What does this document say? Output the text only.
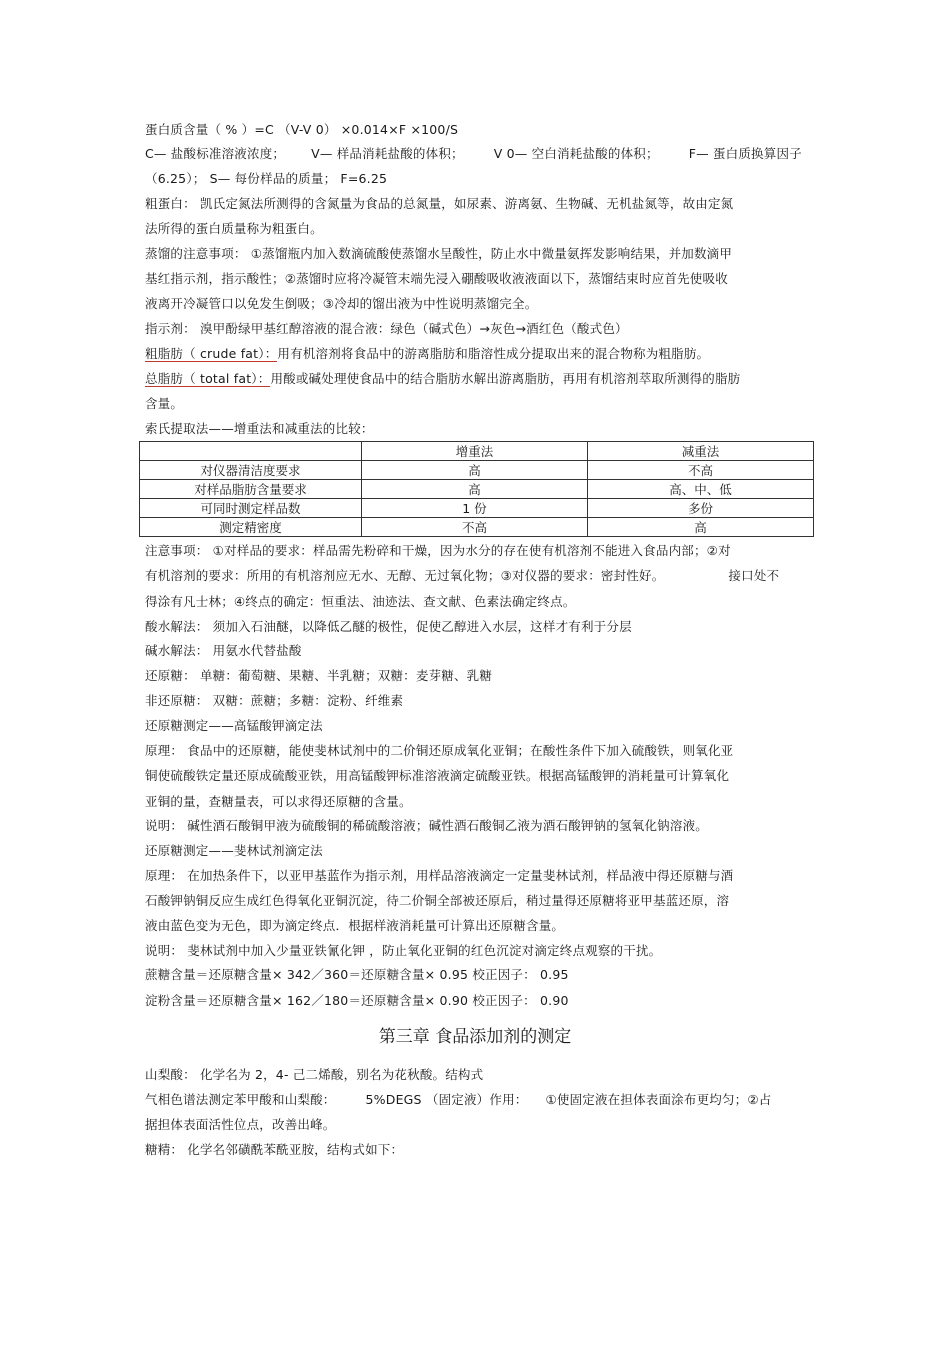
蛋白质含量（ % ）=C （V-V 0） ×0.014×F ×100/S
C— 盐酸标准溶液浓度； V— 样品消耗盐酸的体积； V 0— 空白消耗盐酸的体积； F— 蛋白质换算因子
（6.25）； S— 每份样品的质量； F=6.25
粗蛋白： 凯氏定氮法所测得的含氮量为食品的总氮量，如尿素、游离氨、生物碱、无机盐氮等，故由定氮
法所得的蛋白质量称为粗蛋白。
蒸馏的注意事项： ①蒸馏瓶内加入数滴硫酸使蒸馏水呈酸性，防止水中微量氨挥发影响结果，并加数滴甲
基红指示剂，指示酸性；②蒸馏时应将冷凝管末端先浸入硼酸吸收液液面以下，蒸馏结束时应首先使吸收
液离开冷凝管口以免发生倒吸；③冷却的馏出液为中性说明蒸馏完全。
指示剂： 溴甲酚绿甲基红醇溶液的混合液：绿色（碱式色）→灰色→酒红色（酸式色）
粗脂肪（ crude fat）：用有机溶剂将食品中的游离脂肪和脂溶性成分提取出来的混合物称为粗脂肪。
总脂肪（ total fat）：用酸或碱处理使食品中的结合脂肪水解出游离脂肪，再用有机溶剂萃取所测得的脂肪
含量。
索氏提取法——增重法和减重法的比较：
	增重法	减重法
对仪器清洁度要求	高	不高
对样品脂肪含量要求	高	高、中、低
可同时测定样品数	1 份	多份
测定精密度	不高	高
注意事项： ①对样品的要求：样品需先粉碎和干燥，因为水分的存在使有机溶剂不能进入食品内部；②对
有机溶剂的要求：所用的有机溶剂应无水、无醇、无过氧化物；③对仪器的要求：密封性好。	接口处不
得涂有凡士林；④终点的确定：恒重法、油迹法、查文献、色素法确定终点。
酸水解法： 须加入石油醚，以降低乙醚的极性，促使乙醇进入水层，这样才有利于分层
碱水解法： 用氨水代替盐酸
还原糖： 单糖：葡萄糖、果糖、半乳糖；双糖：麦芽糖、乳糖
非还原糖： 双糖：蔗糖；多糖：淀粉、纤维素
还原糖测定——高锰酸钾滴定法
原理： 食品中的还原糖，能使斐林试剂中的二价铜还原成氧化亚铜；在酸性条件下加入硫酸铁，则氧化亚
铜使硫酸铁定量还原成硫酸亚铁，用高锰酸钾标准溶液滴定硫酸亚铁。根据高锰酸钾的消耗量可计算氧化
亚铜的量，查糖量表，可以求得还原糖的含量。
说明： 碱性酒石酸铜甲液为硫酸铜的稀硫酸溶液；碱性酒石酸铜乙液为酒石酸钾钠的氢氧化钠溶液。
还原糖测定——斐林试剂滴定法
原理： 在加热条件下，以亚甲基蓝作为指示剂，用样品溶液滴定一定量斐林试剂，样品液中得还原糖与酒
石酸钾钠铜反应生成红色得氧化亚铜沉淀，待二价铜全部被还原后，稍过量得还原糖将亚甲基蓝还原，溶
液由蓝色变为无色，即为滴定终点．根据样液消耗量可计算出还原糖含量。
说明： 斐林试剂中加入少量亚铁氰化钾 ，防止氧化亚铜的红色沉淀对滴定终点观察的干扰。
蔗糖含量＝还原糖含量× 342／360＝还原糖含量× 0.95 校正因子： 0.95
淀粉含量＝还原糖含量× 162／180＝还原糖含量× 0.90 校正因子： 0.90
第三章 食品添加剂的测定
山梨酸： 化学名为 2，4- 己二烯酸，别名为花秋酸。结构式
气相色谱法测定苯甲酸和山梨酸： 5%DEGS （固定液）作用： ①使固定液在担体表面涂布更均匀；②占
据担体表面活性位点，改善出峰。
糖精： 化学名邻磺酰苯酰亚胺，结构式如下：
